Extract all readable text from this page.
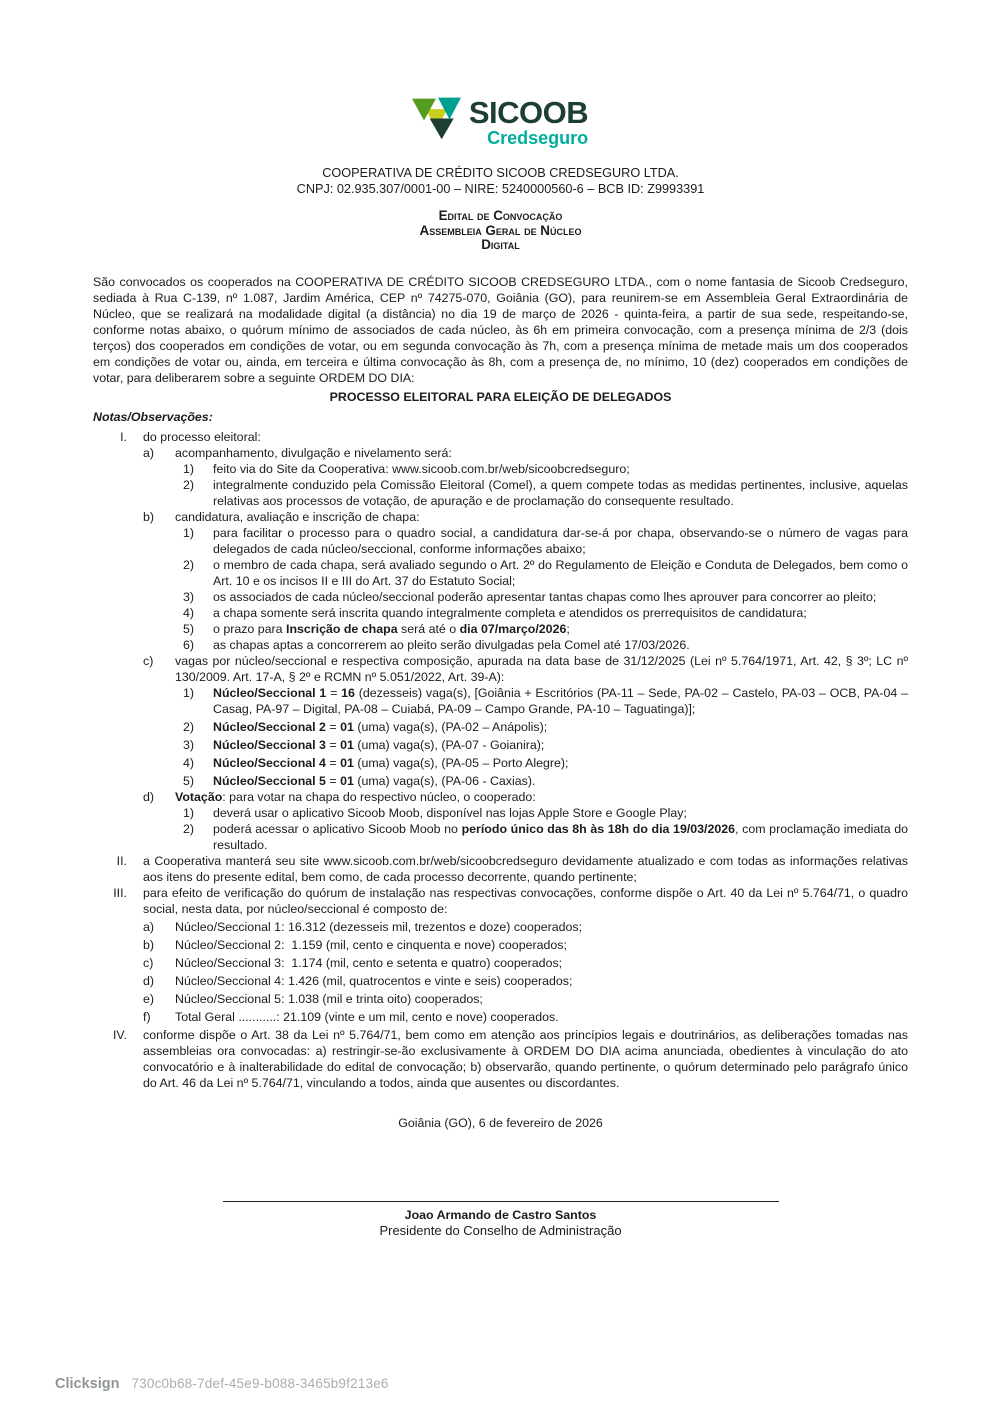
SICOOB
Credseguro
COOPERATIVA DE CRÉDITO SICOOB CREDSEGURO LTDA.
CNPJ: 02.935.307/0001-00 – NIRE: 5240000560-6 – BCB ID: Z9993391
Edital de Convocação
Assembleia Geral de Núcleo
Digital

São convocados os cooperados na COOPERATIVA DE CRÉDITO SICOOB CREDSEGURO LTDA., com o nome fantasia de Sicoob Credseguro, sediada à Rua C-139, nº 1.087, Jardim América, CEP nº 74275-070, Goiânia (GO), para reunirem-se em Assembleia Geral Extraordinária de Núcleo, que se realizará na modalidade digital (a distância) no dia 19 de março de 2026 - quinta-feira, a partir de sua sede, respeitando-se, conforme notas abaixo, o quórum mínimo de associados de cada núcleo, às 6h em primeira convocação, com a presença mínima de 2/3 (dois terços) dos cooperados em condições de votar, ou em segunda convocação às 7h, com a presença mínima de metade mais um dos cooperados em condições de votar ou, ainda, em terceira e última convocação às 8h, com a presença de, no mínimo, 10 (dez) cooperados em condições de votar, para deliberarem sobre a seguinte ORDEM DO DIA:

PROCESSO ELEITORAL PARA ELEIÇÃO DE DELEGADOS
Notas/Observações:
I. do processo eleitoral:
a)	acompanhamento, divulgação e nivelamento será:
1) feito via do Site da Cooperativa: www.sicoob.com.br/web/sicoobcredseguro;
2) integralmente conduzido pela Comissão Eleitoral (Comel), a quem compete todas as medidas pertinentes, inclusive, aquelas relativas aos processos de votação, de apuração e de proclamação do consequente resultado.
b)	candidatura, avaliação e inscrição de chapa:
1) para facilitar o processo para o quadro social, a candidatura dar-se-á por chapa, observando-se o número de vagas para delegados de cada núcleo/seccional, conforme informações abaixo;
2) o membro de cada chapa, será avaliado segundo o Art. 2º do Regulamento de Eleição e Conduta de Delegados, bem como o Art. 10 e os incisos II e III do Art. 37 do Estatuto Social;
3) os associados de cada núcleo/seccional poderão apresentar tantas chapas como lhes aprouver para concorrer ao pleito;
4) a chapa somente será inscrita quando integralmente completa e atendidos os prerrequisitos de candidatura;
5) o prazo para Inscrição de chapa será até o dia 07/março/2026;
6) as chapas aptas a concorrerem ao pleito serão divulgadas pela Comel até 17/03/2026.
c)	vagas por núcleo/seccional e respectiva composição, apurada na data base de 31/12/2025 (Lei nº 5.764/1971, Art. 42, § 3º; LC nº 130/2009. Art. 17-A, § 2º e RCMN nº 5.051/2022, Art. 39-A):
1) Núcleo/Seccional 1 = 16 (dezesseis) vaga(s), [Goiânia + Escritórios (PA-11 – Sede, PA-02 – Castelo, PA-03 – OCB, PA-04 – Casag, PA-97 – Digital, PA-08 – Cuiabá, PA-09 – Campo Grande, PA-10 – Taguatinga)];
2) Núcleo/Seccional 2 = 01 (uma) vaga(s), (PA-02 – Anápolis);
3) Núcleo/Seccional 3 = 01 (uma) vaga(s), (PA-07 - Goianira);
4) Núcleo/Seccional 4 = 01 (uma) vaga(s), (PA-05 – Porto Alegre);
5) Núcleo/Seccional 5 = 01 (uma) vaga(s), (PA-06 - Caxias).
d)	Votação: para votar na chapa do respectivo núcleo, o cooperado:
1) deverá usar o aplicativo Sicoob Moob, disponível nas lojas Apple Store e Google Play;
2) poderá acessar o aplicativo Sicoob Moob no período único das 8h às 18h do dia 19/03/2026, com proclamação imediata do resultado.
II. a Cooperativa manterá seu site www.sicoob.com.br/web/sicoobcredseguro devidamente atualizado e com todas as informações relativas aos itens do presente edital, bem como, de cada processo decorrente, quando pertinente;
III. para efeito de verificação do quórum de instalação nas respectivas convocações, conforme dispõe o Art. 40 da Lei nº 5.764/71, o quadro social, nesta data, por núcleo/seccional é composto de:
a)	Núcleo/Seccional 1: 16.312 (dezesseis mil, trezentos e doze) cooperados;
b)	Núcleo/Seccional 2:  1.159 (mil, cento e cinquenta e nove) cooperados;
c)	Núcleo/Seccional 3:  1.174 (mil, cento e setenta e quatro) cooperados;
d)	Núcleo/Seccional 4: 1.426 (mil, quatrocentos e vinte e seis) cooperados;
e)	Núcleo/Seccional 5: 1.038 (mil e trinta oito) cooperados;
f)	Total Geral ...........: 21.109 (vinte e um mil, cento e nove) cooperados.
IV. conforme dispõe o Art. 38 da Lei nº 5.764/71, bem como em atenção aos princípios legais e doutrinários, as deliberações tomadas nas assembleias ora convocadas: a) restringir-se-ão exclusivamente à ORDEM DO DIA acima anunciada, obedientes à vinculação do ato convocatório e à inalterabilidade do edital de convocação; b) observarão, quando pertinente, o quórum determinado pelo parágrafo único do Art. 46 da Lei nº 5.764/71, vinculando a todos, ainda que ausentes ou discordantes.
Goiânia (GO), 6 de fevereiro de 2026
Joao Armando de Castro Santos
Presidente do Conselho de Administração
Clicksign 730c0b68-7def-45e9-b088-3465b9f213e6
